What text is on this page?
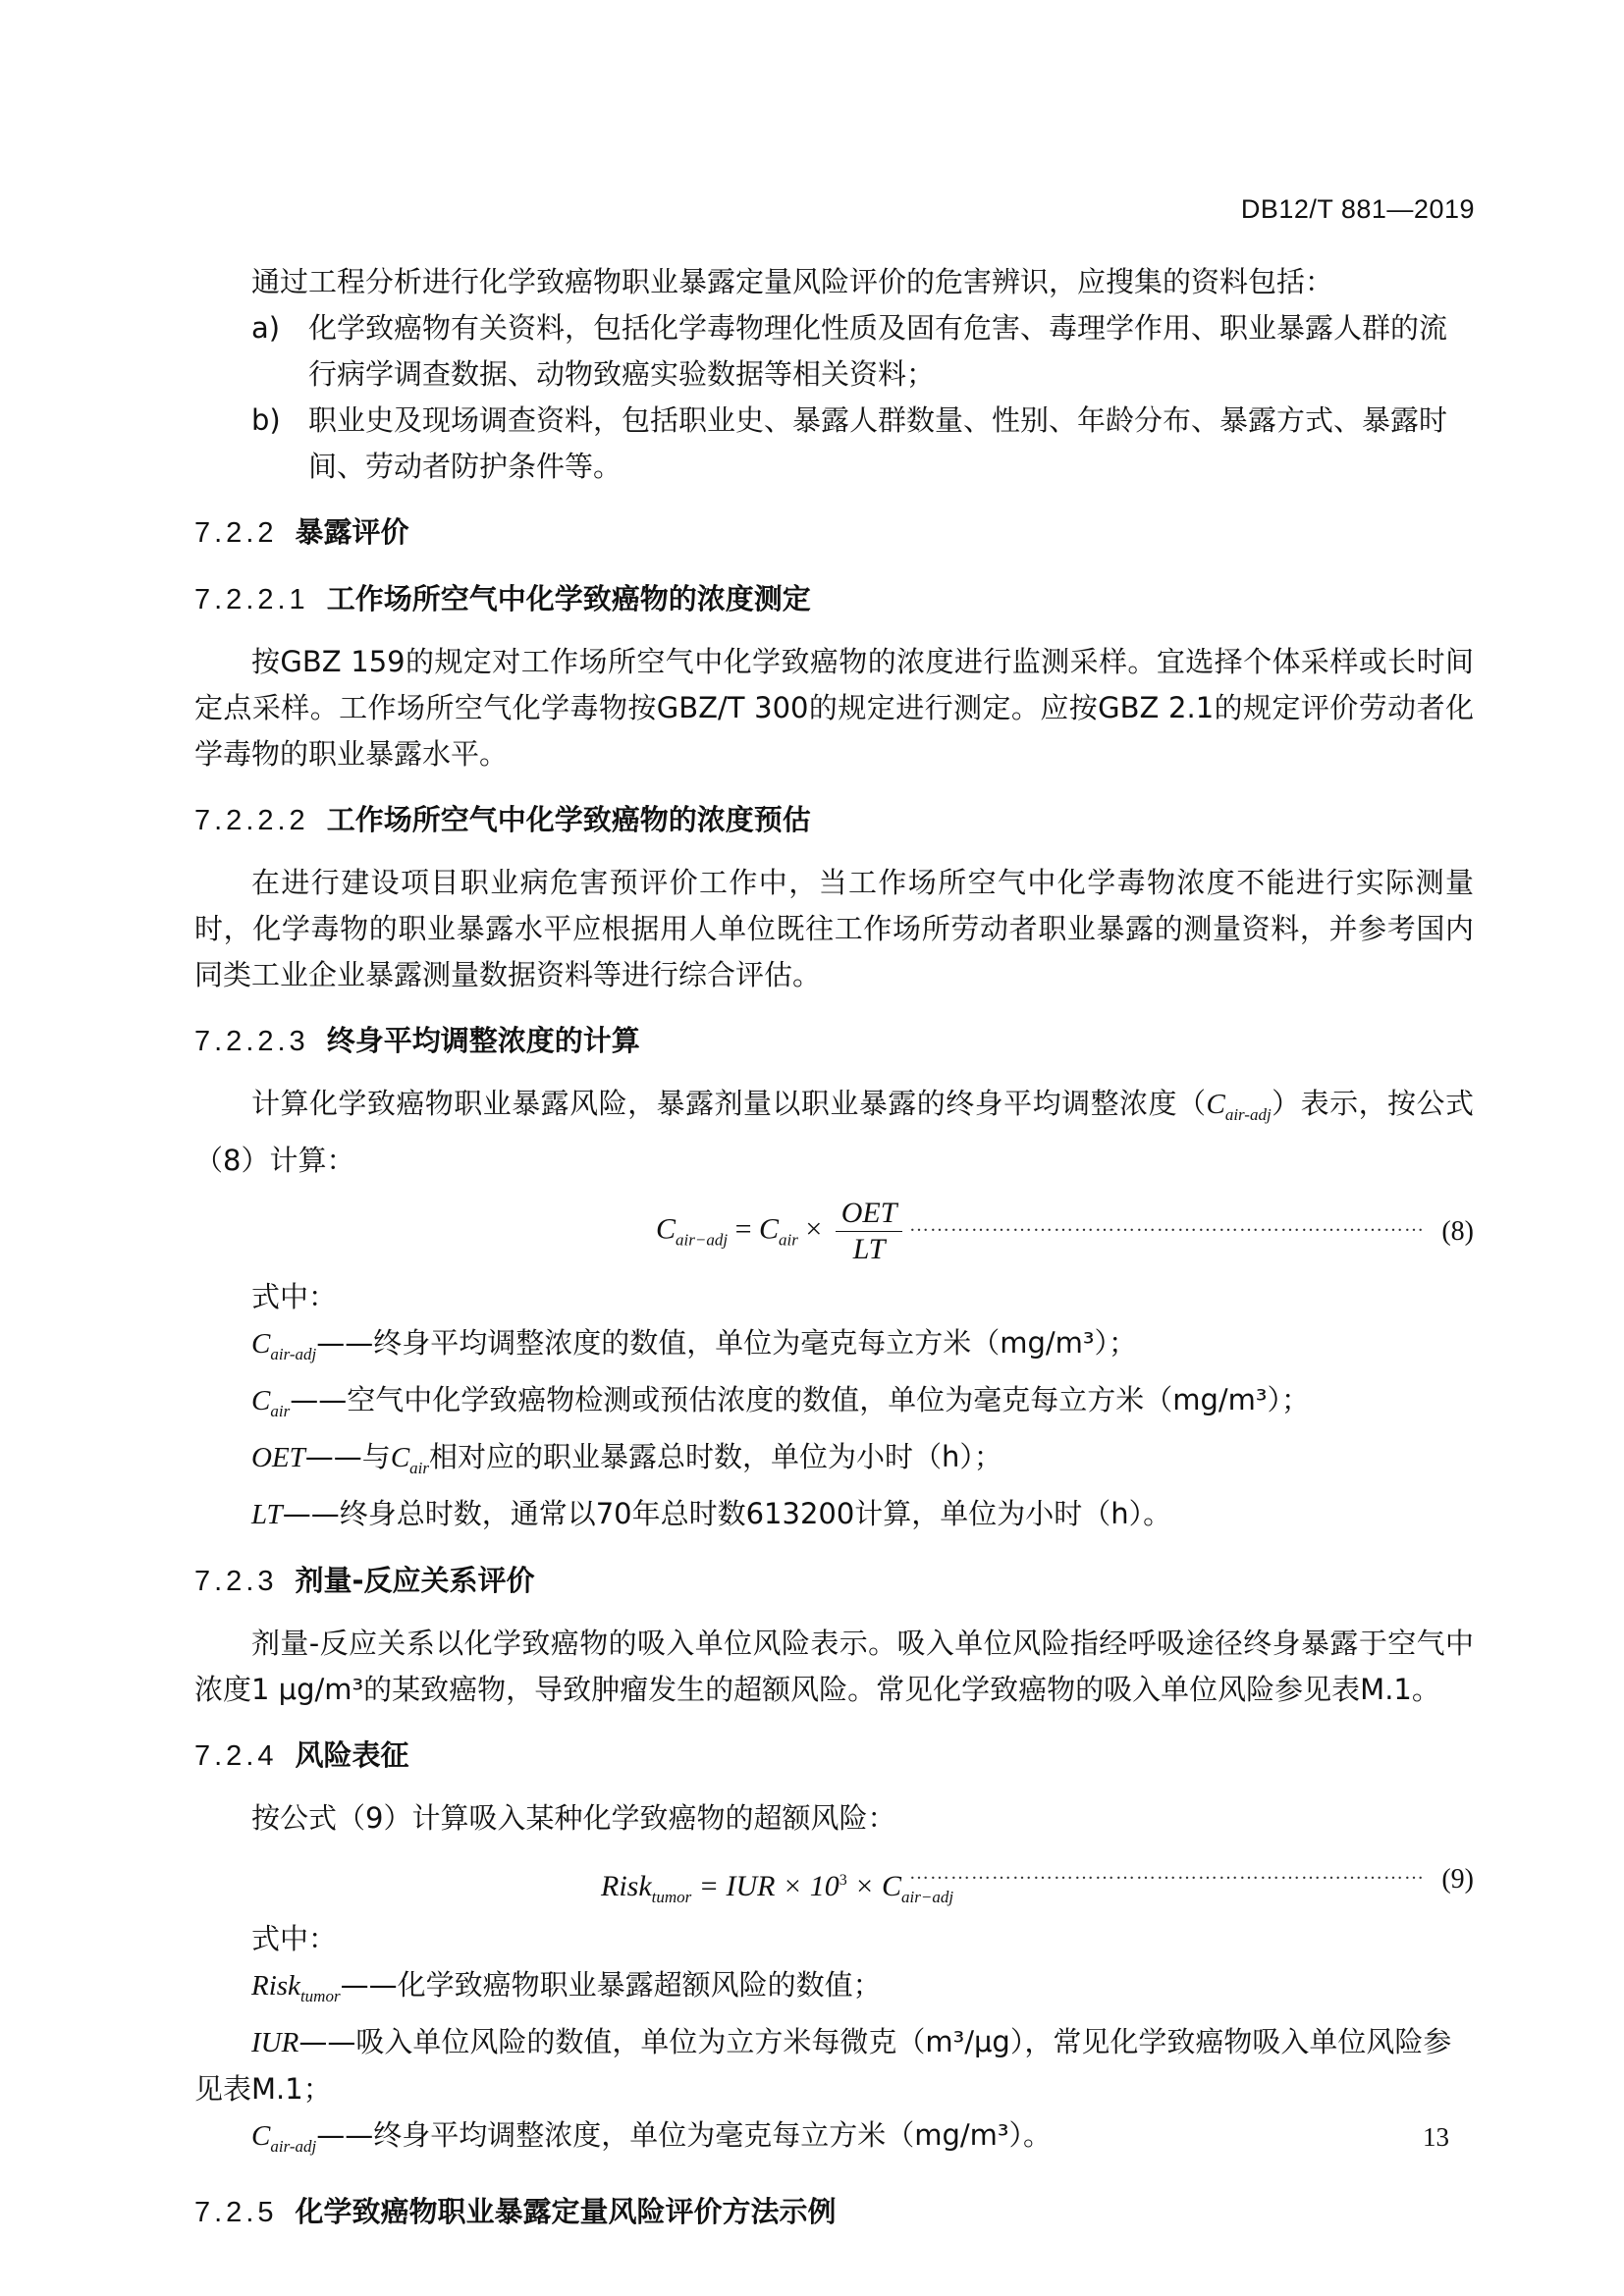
DB12/T 881—2019

通过工程分析进行化学致癌物职业暴露定量风险评价的危害辨识，应搜集的资料包括：

a) 化学致癌物有关资料，包括化学毒物理化性质及固有危害、毒理学作用、职业暴露人群的流行病学调查数据、动物致癌实验数据等相关资料；

b) 职业史及现场调查资料，包括职业史、暴露人群数量、性别、年龄分布、暴露方式、暴露时间、劳动者防护条件等。

7.2.2 暴露评价
7.2.2.1 工作场所空气中化学致癌物的浓度测定

按GBZ 159的规定对工作场所空气中化学致癌物的浓度进行监测采样。宜选择个体采样或长时间定点采样。工作场所空气化学毒物按GBZ/T 300的规定进行测定。应按GBZ 2.1的规定评价劳动者化学毒物的职业暴露水平。

7.2.2.2 工作场所空气中化学致癌物的浓度预估

在进行建设项目职业病危害预评价工作中，当工作场所空气中化学毒物浓度不能进行实际测量时，化学毒物的职业暴露水平应根据用人单位既往工作场所劳动者职业暴露的测量资料，并参考国内同类工业企业暴露测量数据资料等进行综合评估。

7.2.2.3 终身平均调整浓度的计算

计算化学致癌物职业暴露风险，暴露剂量以职业暴露的终身平均调整浓度$(C_{air-adj})$表示，按公式（8）计算：

$C_{air-adj} = C_{air} \times \frac{\text{OET}}{LT}$ ………………………………………………………………… (8)

式中：

$C_{air-adj}——$终身平均调整浓度的数值，单位为毫克每立方米（mg/m³）；

$C_{air}——$空气中化学致癌物检测或预估浓度的数值，单位为毫克每立方米（mg/m³）；

OET——与$C_{air}$相对应的职业暴露总时数，单位为小时（h）；

LT——终身总时数，通常以70年总时数613200计算，单位为小时（h）。

7.2.3 剂量-反应关系评价

剂量-反应关系以化学致癌物的吸入单位风险表示。吸入单位风险指经呼吸途径终身暴露于空气中浓度1 μg/m³的某致癌物，导致肿瘤发生的超额风险。常见化学致癌物的吸入单位风险参见表M.1。

7.2.4 风险表征

按公式（9）计算吸入某种化学致癌物的超额风险：

Risk$_{tumor}$ = IUR × $10^3 \times C_{air-adj}$
………………………………………………………………… (9)

式中：

Risk$_{tumor}$——化学致癌物职业暴露超额风险的数值；

IUR——吸入单位风险的数值，单位为立方米每微克（m³/μg），常见化学致癌物吸入单位风险参见表M.1；

$C_{air-adj}——$终身平均调整浓度，单位为毫克每立方米（mg/m³）。

7.2.5 化学致癌物职业暴露定量风险评价方法示例
13
